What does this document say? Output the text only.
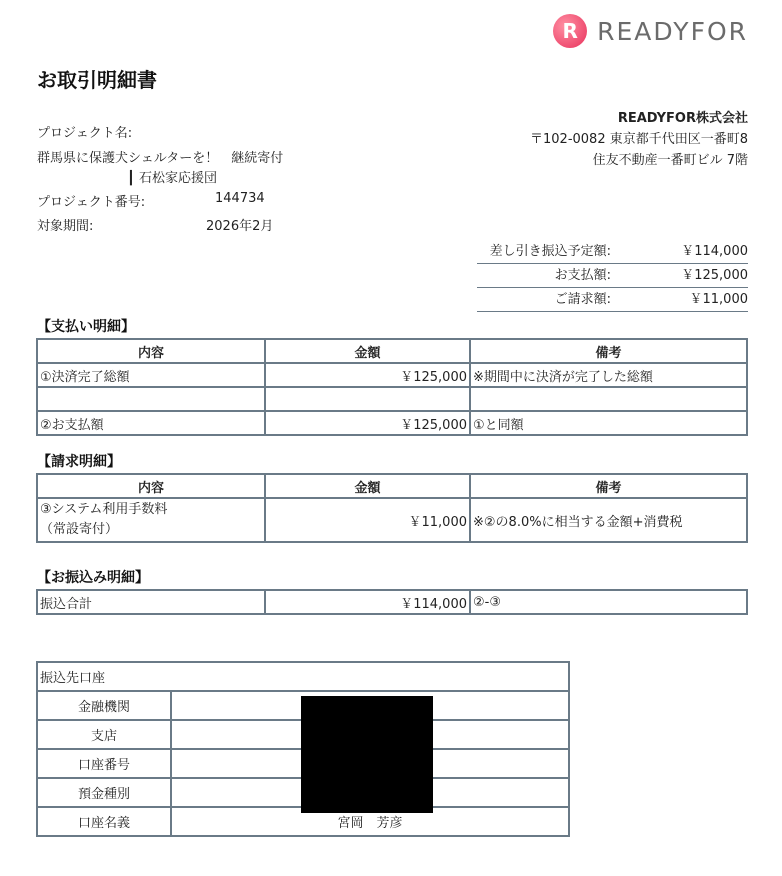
R READYFOR
お取引明細書
READYFOR株式会社
〒102-0082 東京都千代田区一番町8
住友不動産一番町ビル 7階
プロジェクト名:
群馬県に保護犬シェルターを！　継続寄付
┃ 石松家応援団
プロジェクト番号:	144734
対象期間:	2026年2月
差し引き振込予定額:	￥114,000
お支払額:	￥125,000
ご請求額:	￥11,000
【支払い明細】
内容	金額	備考
①決済完了総額	￥125,000	※期間中に決済が完了した総額

②お支払額	￥125,000	①と同額
【請求明細】
内容	金額	備考

③システム利用手数料
（常設寄付）	￥11,000	※②の8.0%に相当する金額+消費税
【お振込み明細】
振込合計	￥114,000	②-③
振込先口座	
金融機関	
支店	
口座番号	
預金種別	
口座名義	宮岡　芳彦
